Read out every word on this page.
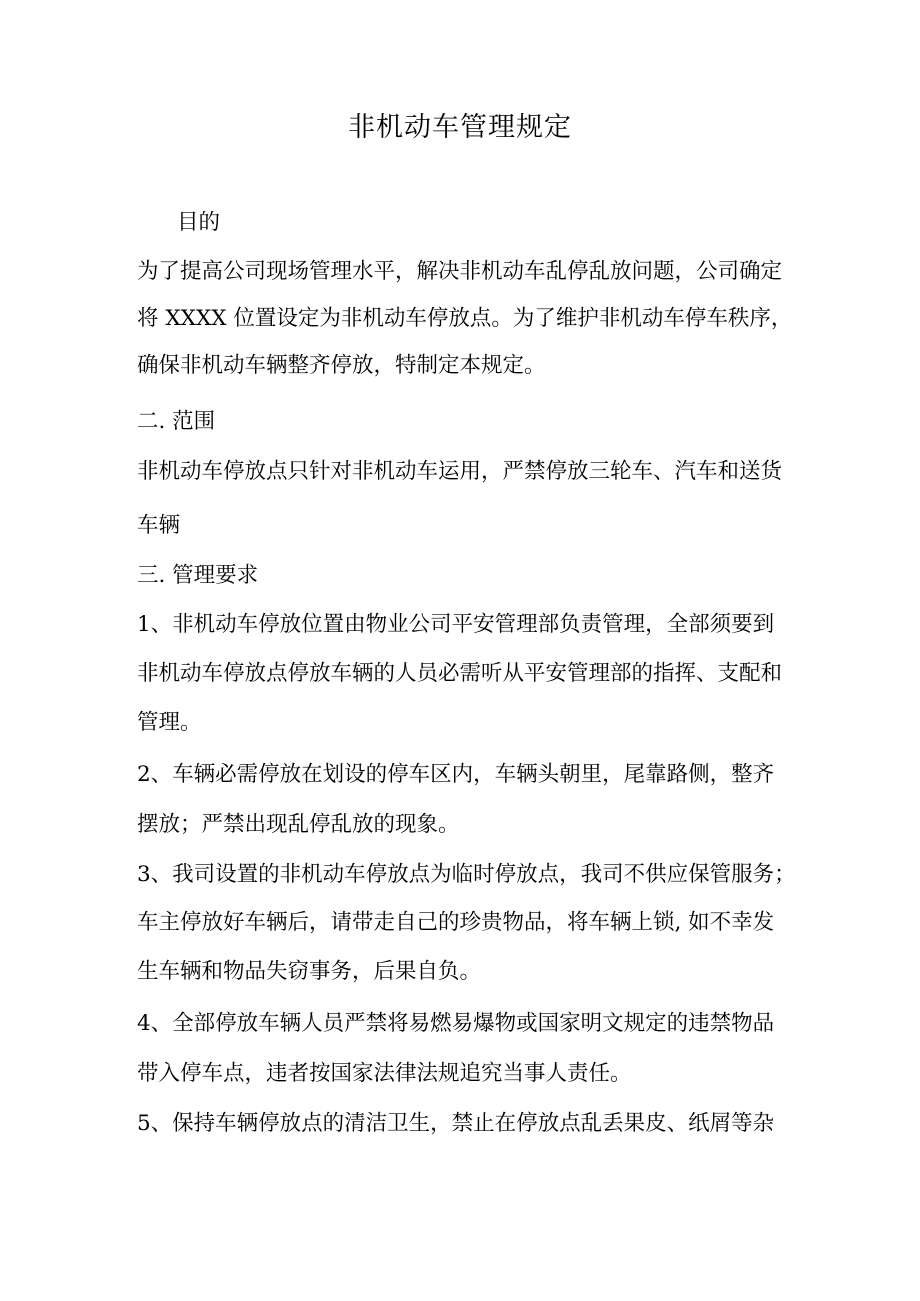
非机动车管理规定
目的
为了提高公司现场管理水平，解决非机动车乱停乱放问题，公司确定
将 XXXX 位置设定为非机动车停放点。为了维护非机动车停车秩序，
确保非机动车辆整齐停放，特制定本规定。
二. 范围
非机动车停放点只针对非机动车运用，严禁停放三轮车、汽车和送货
车辆
三. 管理要求
1、非机动车停放位置由物业公司平安管理部负责管理，全部须要到
非机动车停放点停放车辆的人员必需听从平安管理部的指挥、支配和
管理。
2、车辆必需停放在划设的停车区内，车辆头朝里，尾靠路侧，整齐
摆放；严禁出现乱停乱放的现象。
3、我司设置的非机动车停放点为临时停放点，我司不供应保管服务；
车主停放好车辆后，请带走自己的珍贵物品，将车辆上锁, 如不幸发
生车辆和物品失窃事务，后果自负。
4、全部停放车辆人员严禁将易燃易爆物或国家明文规定的违禁物品
带入停车点，违者按国家法律法规追究当事人责任。
5、保持车辆停放点的清洁卫生，禁止在停放点乱丢果皮、纸屑等杂
